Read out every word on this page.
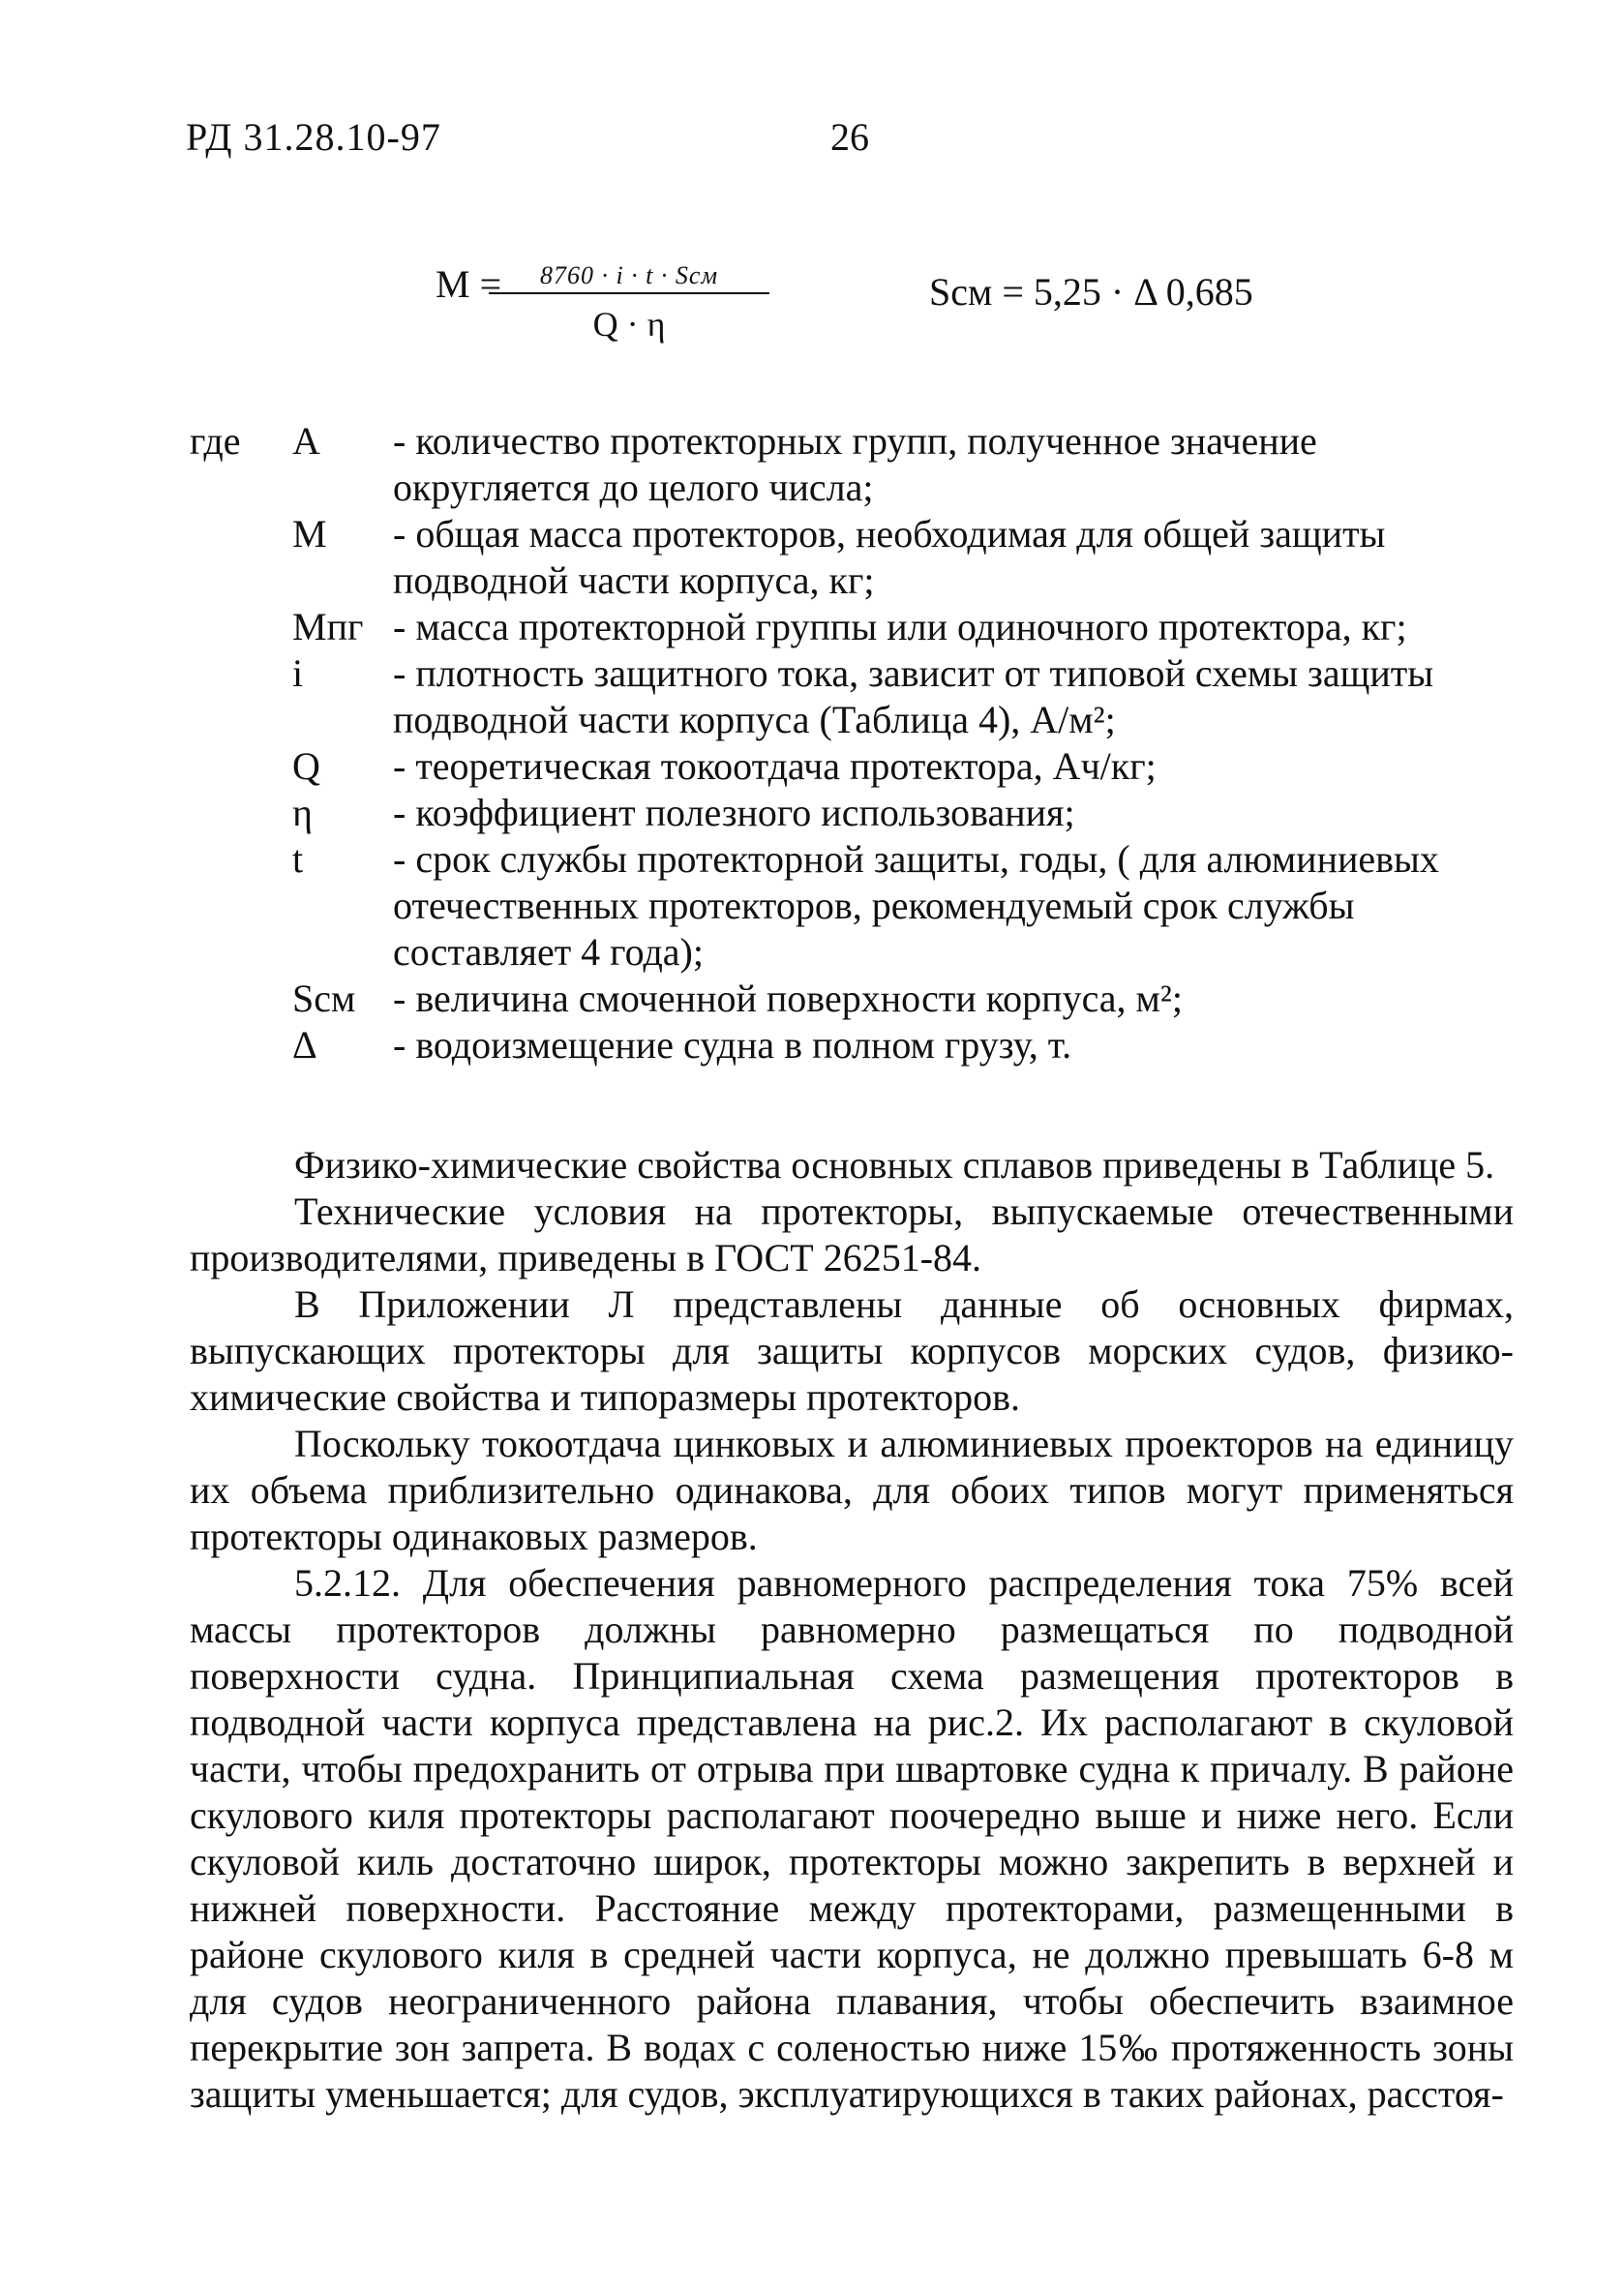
РД 31.28.10-97	26
M =	8760 · i · t · Sсм
Q · η
Sсм = 5,25 · Δ 0,685
где	A	- количество протекторных групп, полученное значение округляется до целого числа;
M	- общая масса протекторов, необходимая для общей защиты подводной части корпуса, кг;
Mпг - масса протекторной группы или одиночного протектора, кг;
i	- плотность защитного тока, зависит от типовой схемы защиты подводной части корпуса (Таблица 4), А/м²;
Q	- теоретическая токоотдача протектора, Ач/кг;
η	- коэффициент полезного использования;
t	- срок службы протекторной защиты, годы, ( для алюминиевых отечественных протекторов, рекомендуемый срок службы составляет 4 года);
Sсм - величина смоченной поверхности корпуса, м²;
Δ	- водоизмещение судна в полном грузу, т.

Физико-химические свойства основных сплавов приведены в Таблице 5.

Технические условия на протекторы, выпускаемые отечественными производителями, приведены в ГОСТ 26251-84.

В Приложении Л представлены данные об основных фирмах, выпускающих протекторы для защиты корпусов морских судов, физико-химические свойства и типоразмеры протекторов.

Поскольку токоотдача цинковых и алюминиевых проекторов на единицу их объема приблизительно одинакова, для обоих типов могут применяться протекторы одинаковых размеров.

5.2.12. Для обеспечения равномерного распределения тока 75% всей массы протекторов должны равномерно размещаться по подводной поверхности судна. Принципиальная схема размещения протекторов в подводной части корпуса представлена на рис.2. Их располагают в скуловой части, чтобы предохранить от отрыва при швартовке судна к причалу. В районе скулового киля протекторы располагают поочередно выше и ниже него. Если скуловой киль достаточно широк, протекторы можно закрепить в верхней и нижней поверхности. Расстояние между протекторами, размещенными в районе скулового киля в средней части корпуса, не должно превышать 6-8 м для судов неограниченного района плавания, чтобы обеспечить взаимное перекрытие зон запрета. В водах с соленостью ниже 15‰ протяженность зоны защиты уменьшается; для судов, эксплуатирующихся в таких районах, расстоя-
